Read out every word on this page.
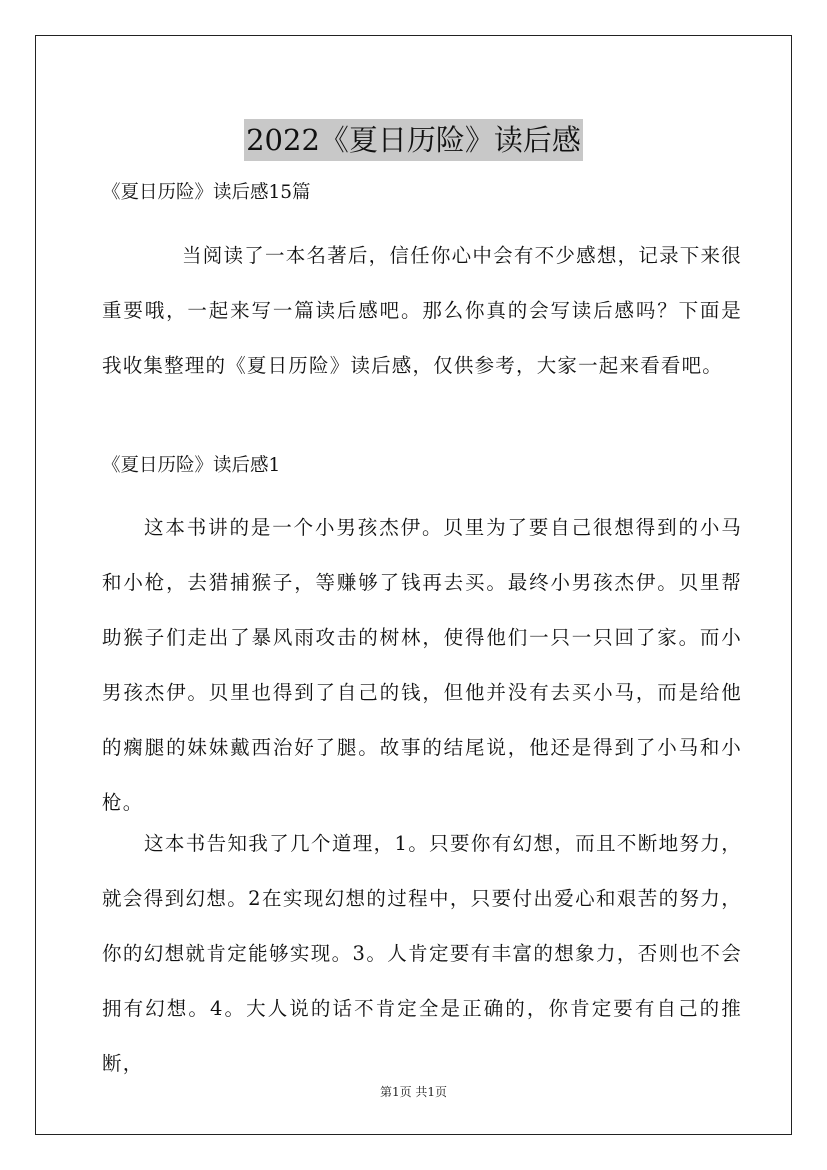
2022《夏日历险》读后感
《夏日历险》读后感15篇

当阅读了一本名著后，信任你心中会有不少感想，记录下来很重要哦，一起来写一篇读后感吧。那么你真的会写读后感吗？下面是我收集整理的《夏日历险》读后感，仅供参考，大家一起来看看吧。

《夏日历险》读后感1

这本书讲的是一个小男孩杰伊。贝里为了要自己很想得到的小马和小枪，去猎捕猴子，等赚够了钱再去买。最终小男孩杰伊。贝里帮助猴子们走出了暴风雨攻击的树林，使得他们一只一只回了家。而小男孩杰伊。贝里也得到了自己的钱，但他并没有去买小马，而是给他的瘸腿的妹妹戴西治好了腿。故事的结尾说，他还是得到了小马和小枪。

这本书告知我了几个道理，1。只要你有幻想，而且不断地努力，就会得到幻想。2在实现幻想的过程中，只要付出爱心和艰苦的努力，你的幻想就肯定能够实现。3。人肯定要有丰富的想象力，否则也不会拥有幻想。4。大人说的话不肯定全是正确的，你肯定要有自己的推断，

第1页 共1页
